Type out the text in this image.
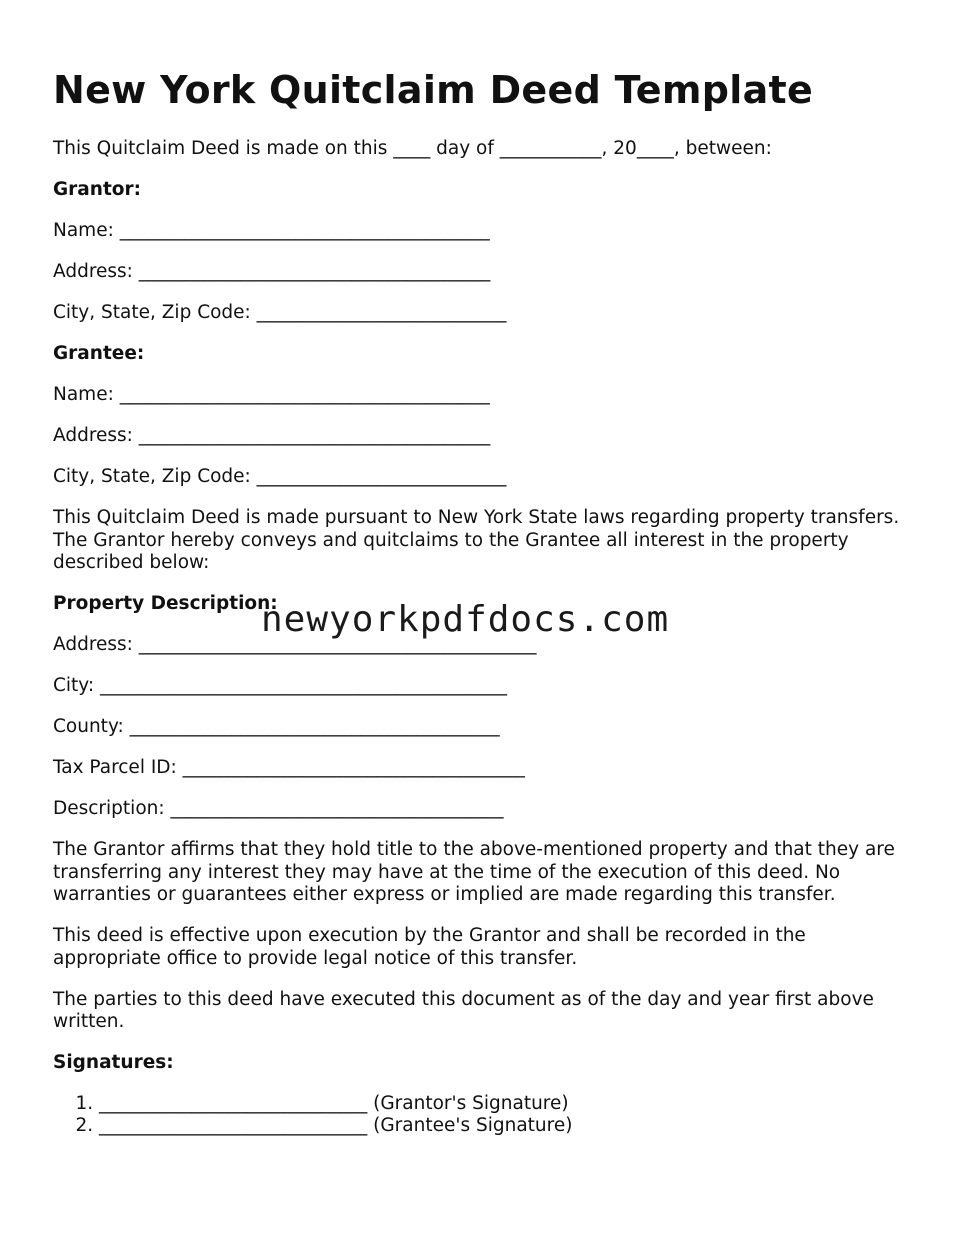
New York Quitclaim Deed Template

This Quitclaim Deed is made on this ____ day of ___________, 20____, between:

Grantor:

Name: ________________________________________

Address: ______________________________________

City, State, Zip Code: ___________________________

Grantee:

Name: ________________________________________

Address: ______________________________________

City, State, Zip Code: ___________________________

This Quitclaim Deed is made pursuant to New York State laws regarding property transfers. The Grantor hereby conveys and quitclaims to the Grantee all interest in the property described below:

Property Description:

Address: ___________________________________________

City: ____________________________________________

County: ________________________________________

Tax Parcel ID: _____________________________________

Description: ____________________________________

The Grantor affirms that they hold title to the above-mentioned property and that they are transferring any interest they may have at the time of the execution of this deed. No warranties or guarantees either express or implied are made regarding this transfer.

This deed is effective upon execution by the Grantor and shall be recorded in the appropriate office to provide legal notice of this transfer.

The parties to this deed have executed this document as of the day and year first above written.

Signatures:

1. _____________________________ (Grantor's Signature)
2. _____________________________ (Grantee's Signature)
newyorkpdfdocs.com
